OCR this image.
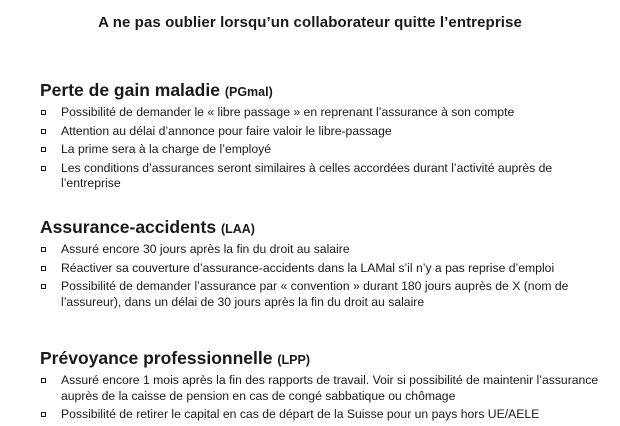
A ne pas oublier lorsqu’un collaborateur quitte l’entreprise
Perte de gain maladie (PGmal)
Possibilité de demander le « libre passage » en reprenant l’assurance à son compte
Attention au délai d’annonce pour faire valoir le libre-passage
La prime sera à la charge de l’employé
Les conditions d’assurances seront similaires à celles accordées durant l’activité auprès de l’entreprise
Assurance-accidents (LAA)
Assuré encore 30 jours après la fin du droit au salaire
Réactiver sa couverture d’assurance-accidents dans la LAMal s’il n’y a pas reprise d’emploi
Possibilité de demander l’assurance par « convention » durant 180 jours auprès de X (nom de l’assureur), dans un délai de 30 jours après la fin du droit au salaire
Prévoyance professionnelle (LPP)
Assuré encore 1 mois après la fin des rapports de travail. Voir si possibilité de maintenir l’assurance auprès de la caisse de pension en cas de congé sabbatique ou chômage
Possibilité de retirer le capital en cas de départ de la Suisse pour un pays hors UE/AELE
